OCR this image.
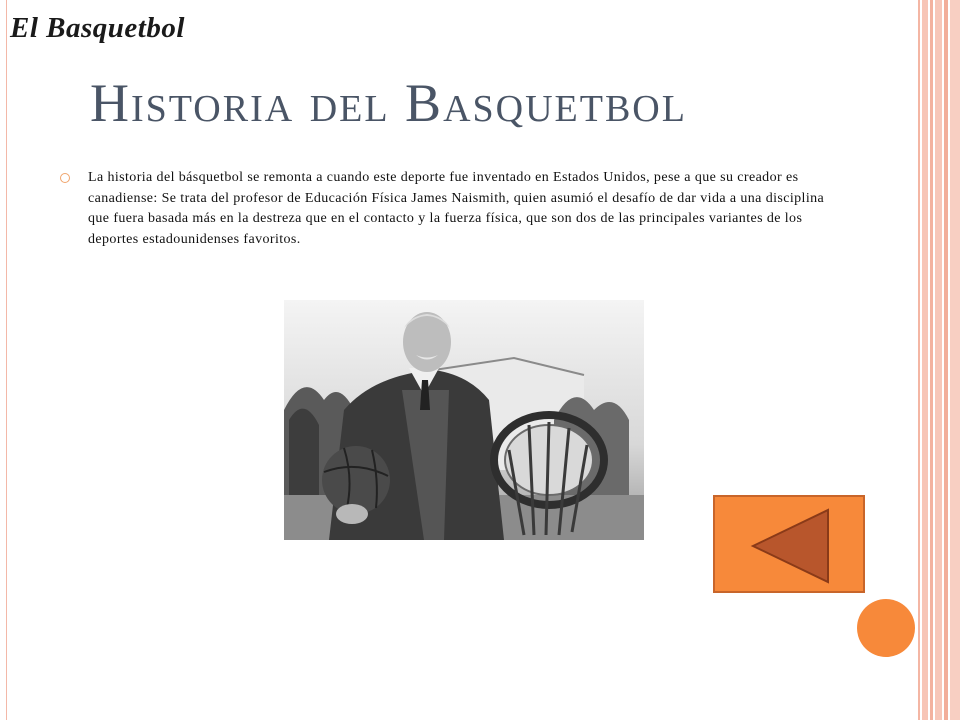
El Basquetbol
Historia del Basquetbol
La historia del básquetbol se remonta a cuando este deporte fue inventado en Estados Unidos, pese a que su creador es canadiense: Se trata del profesor de Educación Física James Naismith, quien asumió el desafío de dar vida a una disciplina que fuera basada más en la destreza que en el contacto y la fuerza física, que son dos de las principales variantes de los deportes estadounidenses favoritos.
